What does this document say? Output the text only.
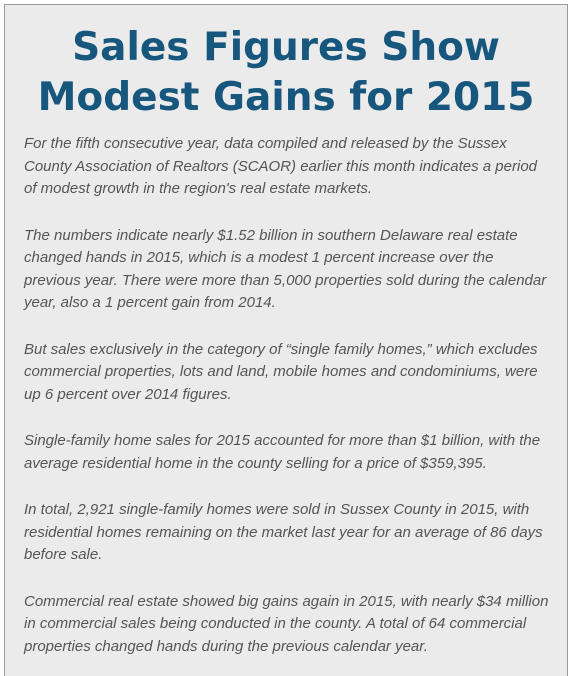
Sales Figures Show
Modest Gains for 2015

For the fifth consecutive year, data compiled and released by the Sussex County Association of Realtors (SCAOR) earlier this month indicates a period of modest growth in the region's real estate markets.

The numbers indicate nearly $1.52 billion in southern Delaware real estate changed hands in 2015, which is a modest 1 percent increase over the previous year. There were more than 5,000 properties sold during the calendar year, also a 1 percent gain from 2014.

But sales exclusively in the category of “single family homes,” which excludes commercial properties, lots and land, mobile homes and condominiums, were up 6 percent over 2014 figures.

Single-family home sales for 2015 accounted for more than $1 billion, with the average residential home in the county selling for a price of $359,395.

In total, 2,921 single-family homes were sold in Sussex County in 2015, with residential homes remaining on the market last year for an average of 86 days before sale.

Commercial real estate showed big gains again in 2015, with nearly $34 million in commercial sales being conducted in the county. A total of 64 commercial properties changed hands during the previous calendar year.
